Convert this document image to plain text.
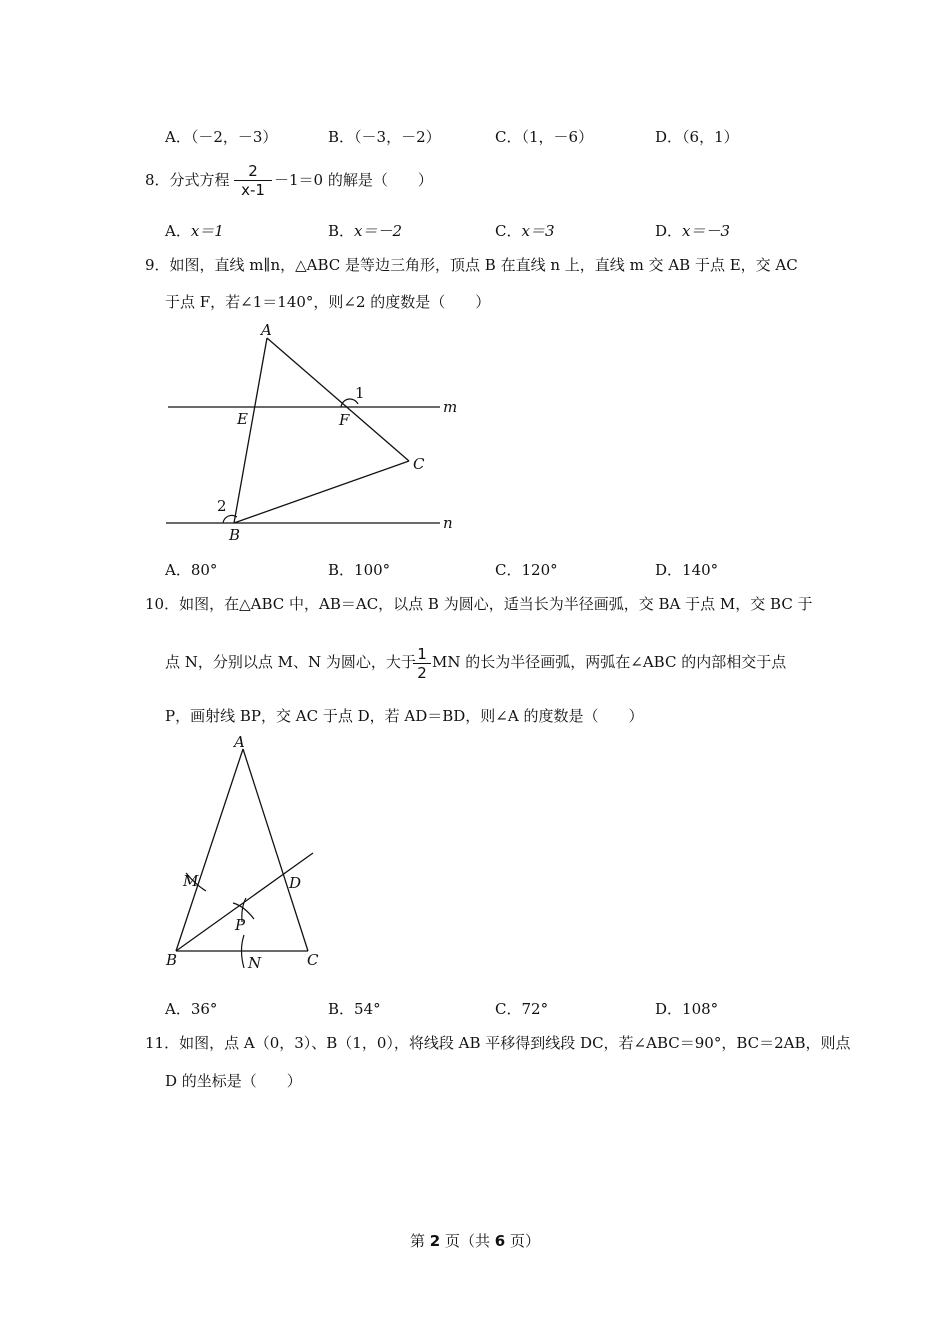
A．（－2，－3）	B．（－3，－2）	C．（1，－6）	D．（6，1）
8．分式方程	2
x-1
－1＝0 的解是（　　）
A．x＝1	B．x＝－2	C．x＝3	D．x＝－3
9．如图，直线 m∥n，△ABC 是等边三角形，顶点 B 在直线 n 上，直线 m 交 AB 于点 E，交 AC
于点 F，若∠1＝140°，则∠2 的度数是（　　）
A
E	F
1
m
C
2
B
n
A．80°	B．100°	C．120°	D．140°
10．如图，在△ABC 中，AB＝AC，以点 B 为圆心，适当长为半径画弧，交 BA 于点 M，交 BC 于
点 N，分别以点 M、N 为圆心，大于 1
2
MN 的长为半径画弧，两弧在∠ABC 的内部相交于点
P，画射线 BP，交 AC 于点 D，若 AD＝BD，则∠A 的度数是（　　）
A
M	D
P
B	N	C
A．36°	B．54°	C．72°	D．108°
11．如图，点 A（0，3）、B（1，0），将线段 AB 平移得到线段 DC，若∠ABC＝90°，BC＝2AB，则点
D 的坐标是（　　）
第 2 页（共 6 页）
